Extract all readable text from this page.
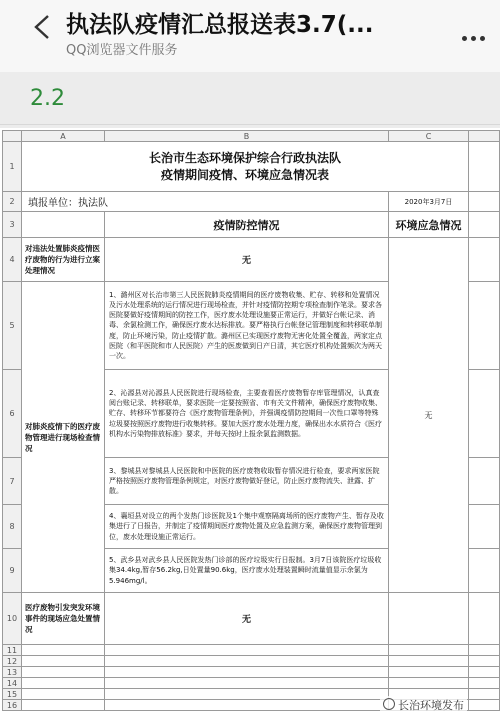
执法队疫情汇总报送表3.7(...
QQ浏览器文件服务
2.2
	A	B	C	
1	长治市生态环境保护综合行政执法队
疫情期间疫情、环境应急情况表			

2	填报单位：执法队		2020年3月7日	
3		疫情防控情况	环境应急情况	
4	对违法处置肺炎疫情医疗废物的行为进行立案处理情况	无	无	
5	对肺炎疫情下的医疗废物管理进行现场检查情况	1、潞州区对长治市第三人民医院肺炎疫情期间的医疗废物收集、贮存、转移和处置情况及污水处理系统的运行情况进行现场检查，并针对疫情防控期专项检查制作笔录。要求各医院要做好疫情期间的防控工作，医疗废水处理设施要正常运行，并做好台帐记录、消毒、余氯检测工作，确保医疗废水达标排放。要严格执行台帐登记管理制度和转移联单制度，防止环境污染，防止疫情扩散。潞州区已实现医疗废物无害化处置全覆盖，两家定点医院（和平医院和市人民医院）产生的医废做到日产日清，其它医疗机构处置频次为两天一次。		
6		2、沁源县对沁源县人民医院进行现场检查，主要查看医疗废物暂存库管理情况，认真查阅台账记录、转移联单，要求医院一定要按照省、市有关文件精神，确保医疗废物收集、贮存、转移环节都要符合《医疗废物管理条例》，并强调疫情防控期间一次性口罩等特殊垃圾要按照医疗废物进行收集转移。要加大医疗废水处理力度，确保出水水质符合《医疗机构水污染物排放标准》要求，并每天按时上报余氯监测数据。		
7		3、黎城县对黎城县人民医院和中医院的医疗废物收取暂存情况进行检查，要求两家医院严格按照医疗废物管理条例规定，对医疗废物做好登记，防止医疗废物流失、泄露、扩散。		
8		4、襄垣县对设立的两个发热门诊医院及1个集中观察隔离场所的医疗废物产生、暂存及收集进行了日报告，并制定了疫情期间医疗废物处置及应急监测方案，确保医疗废物管理到位，废水处理设施正常运行。		
9		5、武乡县对武乡县人民医院发热门诊部的医疗垃圾实行日报制。3月7日该院医疗垃圾收集34.4kg,暂存56.2kg,日处置量90.6kg，医疗废水处理装置瞬时流量值显示余氯为5.946mg/l。		
10	医疗废物引发突发环境事件的现场应急处置情况	无		
11				
12				
13				
14				
15				
16					长治环境发布
